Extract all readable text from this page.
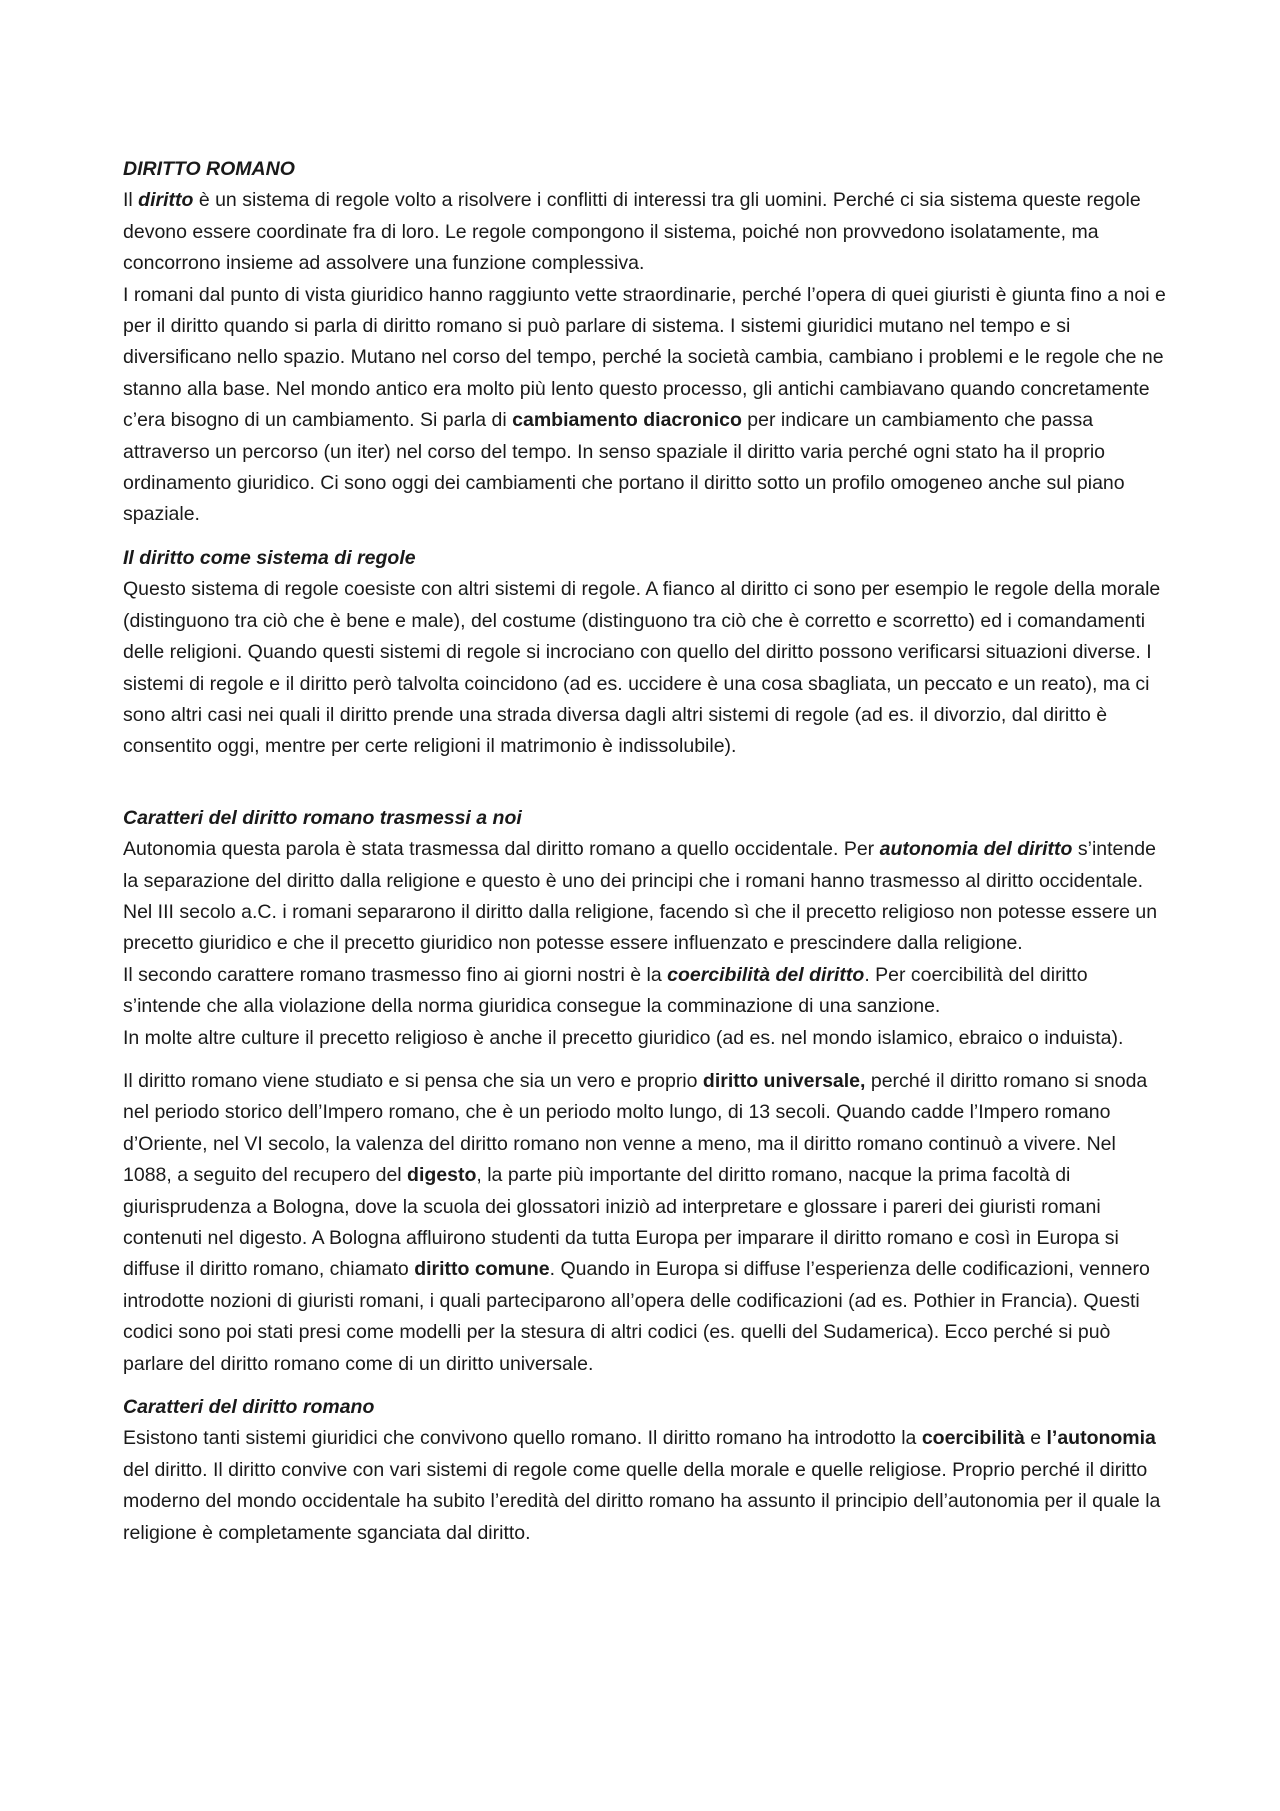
DIRITTO ROMANO

Il diritto è un sistema di regole volto a risolvere i conflitti di interessi tra gli uomini. Perché ci sia sistema queste regole devono essere coordinate fra di loro. Le regole compongono il sistema, poiché non provvedono isolatamente, ma concorrono insieme ad assolvere una funzione complessiva.

I romani dal punto di vista giuridico hanno raggiunto vette straordinarie, perché l’opera di quei giuristi è giunta fino a noi e per il diritto quando si parla di diritto romano si può parlare di sistema. I sistemi giuridici mutano nel tempo e si diversificano nello spazio. Mutano nel corso del tempo, perché la società cambia, cambiano i problemi e le regole che ne stanno alla base. Nel mondo antico era molto più lento questo processo, gli antichi cambiavano quando concretamente c’era bisogno di un cambiamento. Si parla di cambiamento diacronico per indicare un cambiamento che passa attraverso un percorso (un iter) nel corso del tempo. In senso spaziale il diritto varia perché ogni stato ha il proprio ordinamento giuridico. Ci sono oggi dei cambiamenti che portano il diritto sotto un profilo omogeneo anche sul piano spaziale.

Il diritto come sistema di regole

Questo sistema di regole coesiste con altri sistemi di regole. A fianco al diritto ci sono per esempio le regole della morale (distinguono tra ciò che è bene e male), del costume (distinguono tra ciò che è corretto e scorretto) ed i comandamenti delle religioni. Quando questi sistemi di regole si incrociano con quello del diritto possono verificarsi situazioni diverse. I sistemi di regole e il diritto però talvolta coincidono (ad es. uccidere è una cosa sbagliata, un peccato e un reato), ma ci sono altri casi nei quali il diritto prende una strada diversa dagli altri sistemi di regole (ad es. il divorzio, dal diritto è consentito oggi, mentre per certe religioni il matrimonio è indissolubile).

Caratteri del diritto romano trasmessi a noi

Autonomia questa parola è stata trasmessa dal diritto romano a quello occidentale. Per autonomia del diritto s’intende la separazione del diritto dalla religione e questo è uno dei principi che i romani hanno trasmesso al diritto occidentale. Nel III secolo a.C. i romani separarono il diritto dalla religione, facendo sì che il precetto religioso non potesse essere un precetto giuridico e che il precetto giuridico non potesse essere influenzato e prescindere dalla religione.

Il secondo carattere romano trasmesso fino ai giorni nostri è la coercibilità del diritto. Per coercibilità del diritto s’intende che alla violazione della norma giuridica consegue la comminazione di una sanzione.

In molte altre culture il precetto religioso è anche il precetto giuridico (ad es. nel mondo islamico, ebraico o induista).

Il diritto romano viene studiato e si pensa che sia un vero e proprio diritto universale, perché il diritto romano si snoda nel periodo storico dell’Impero romano, che è un periodo molto lungo, di 13 secoli. Quando cadde l’Impero romano d’Oriente, nel VI secolo, la valenza del diritto romano non venne a meno, ma il diritto romano continuò a vivere. Nel 1088, a seguito del recupero del digesto, la parte più importante del diritto romano, nacque la prima facoltà di giurisprudenza a Bologna, dove la scuola dei glossatori iniziò ad interpretare e glossare i pareri dei giuristi romani contenuti nel digesto. A Bologna affluirono studenti da tutta Europa per imparare il diritto romano e così in Europa si diffuse il diritto romano, chiamato diritto comune. Quando in Europa si diffuse l’esperienza delle codificazioni, vennero introdotte nozioni di giuristi romani, i quali parteciparono all’opera delle codificazioni (ad es. Pothier in Francia). Questi codici sono poi stati presi come modelli per la stesura di altri codici (es. quelli del Sudamerica). Ecco perché si può parlare del diritto romano come di un diritto universale.

Caratteri del diritto romano

Esistono tanti sistemi giuridici che convivono quello romano. Il diritto romano ha introdotto la coercibilità e l’autonomia del diritto. Il diritto convive con vari sistemi di regole come quelle della morale e quelle religiose. Proprio perché il diritto moderno del mondo occidentale ha subito l’eredità del diritto romano ha assunto il principio dell’autonomia per il quale la religione è completamente sganciata dal diritto.
